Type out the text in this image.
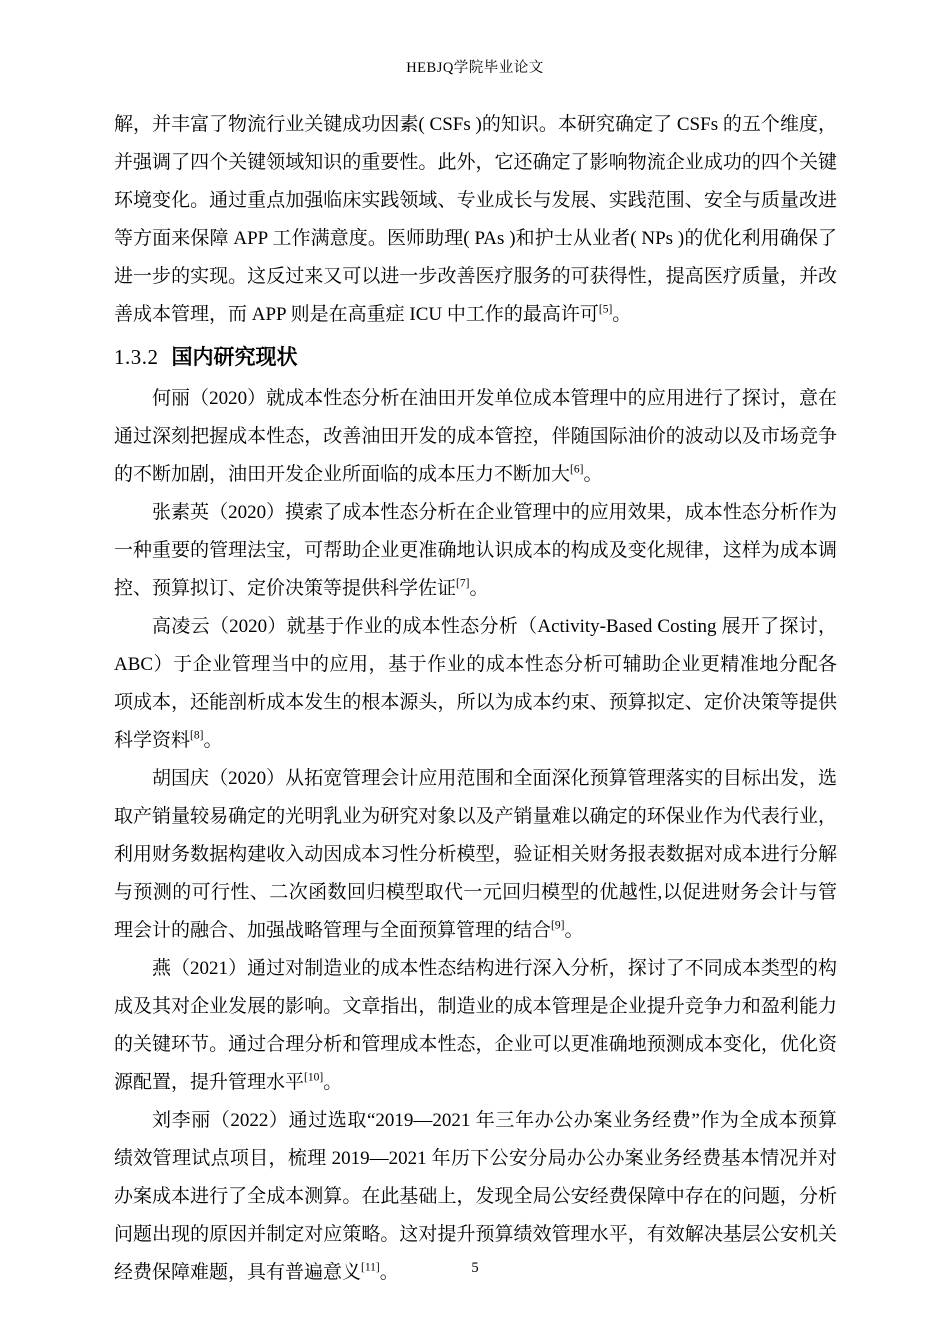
HEBJQ学院毕业论文

解，并丰富了物流行业关键成功因素( CSFs )的知识。本研究确定了 CSFs 的五个维度，并强调了四个关键领域知识的重要性。此外，它还确定了影响物流企业成功的四个关键环境变化。通过重点加强临床实践领域、专业成长与发展、实践范围、安全与质量改进等方面来保障 APP 工作满意度。医师助理( PAs )和护士从业者( NPs )的优化利用确保了进一步的实现。这反过来又可以进一步改善医疗服务的可获得性，提高医疗质量，并改善成本管理，而 APP 则是在高重症 ICU 中工作的最高许可[5]。

1.3.2 国内研究现状

何丽（2020）就成本性态分析在油田开发单位成本管理中的应用进行了探讨，意在通过深刻把握成本性态，改善油田开发的成本管控，伴随国际油价的波动以及市场竞争的不断加剧，油田开发企业所面临的成本压力不断加大[6]。

张素英（2020）摸索了成本性态分析在企业管理中的应用效果，成本性态分析作为一种重要的管理法宝，可帮助企业更准确地认识成本的构成及变化规律，这样为成本调控、预算拟订、定价决策等提供科学佐证[7]。

高凌云（2020）就基于作业的成本性态分析（Activity-Based Costing 展开了探讨，ABC）于企业管理当中的应用，基于作业的成本性态分析可辅助企业更精准地分配各项成本，还能剖析成本发生的根本源头，所以为成本约束、预算拟定、定价决策等提供科学资料[8]。

胡国庆（2020）从拓宽管理会计应用范围和全面深化预算管理落实的目标出发，选取产销量较易确定的光明乳业为研究对象以及产销量难以确定的环保业作为代表行业，利用财务数据构建收入动因成本习性分析模型，验证相关财务报表数据对成本进行分解与预测的可行性、二次函数回归模型取代一元回归模型的优越性,以促进财务会计与管理会计的融合、加强战略管理与全面预算管理的结合[9]。

燕（2021）通过对制造业的成本性态结构进行深入分析，探讨了不同成本类型的构成及其对企业发展的影响。文章指出，制造业的成本管理是企业提升竞争力和盈利能力的关键环节。通过合理分析和管理成本性态，企业可以更准确地预测成本变化，优化资源配置，提升管理水平[10]。

刘李丽（2022）通过选取“2019—2021 年三年办公办案业务经费”作为全成本预算绩效管理试点项目，梳理 2019—2021 年历下公安分局办公办案业务经费基本情况并对办案成本进行了全成本测算。在此基础上，发现全局公安经费保障中存在的问题，分析问题出现的原因并制定对应策略。这对提升预算绩效管理水平，有效解决基层公安机关经费保障难题，具有普遍意义[11]。	5
